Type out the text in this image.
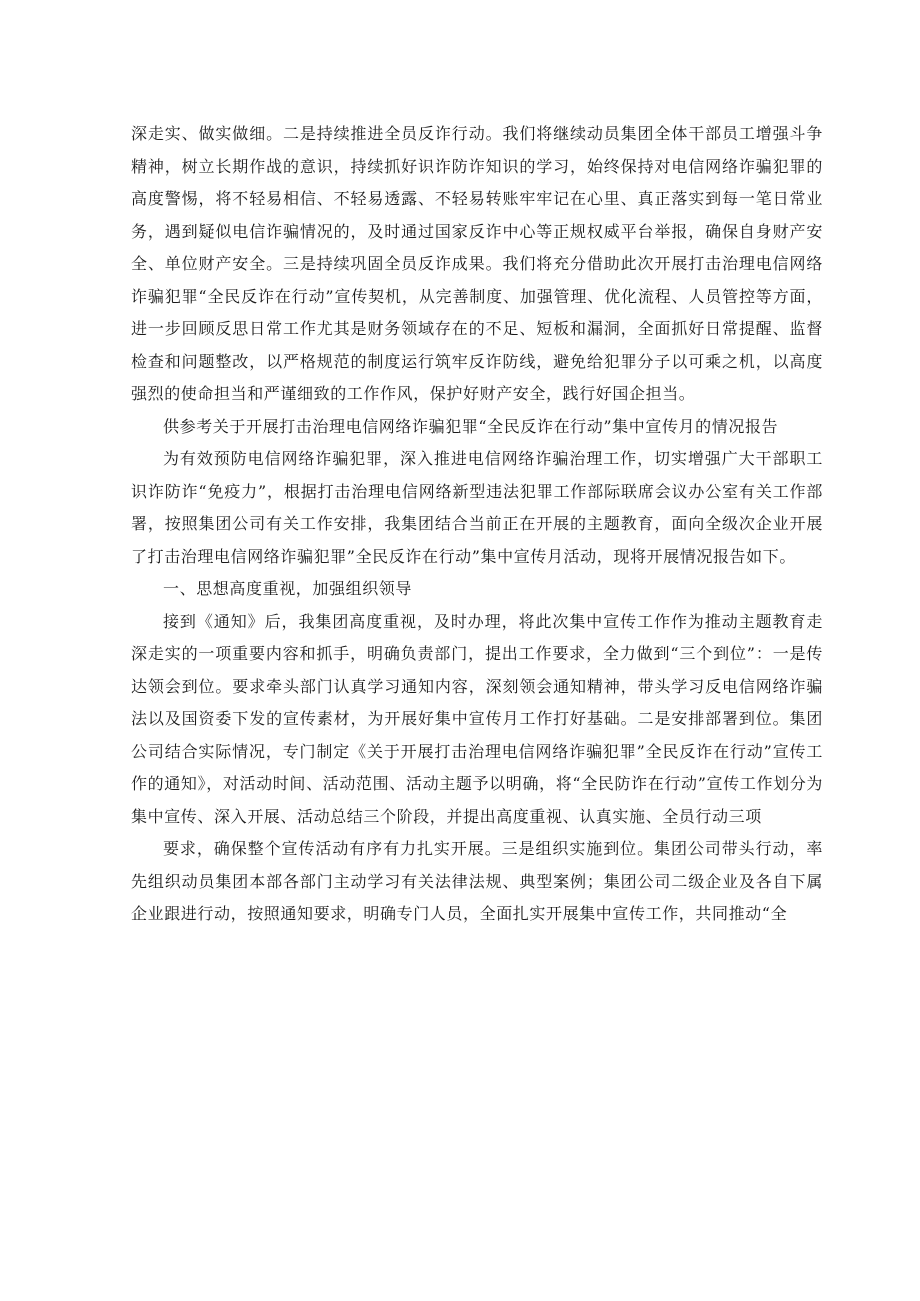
深走实、做实做细。二是持续推进全员反诈行动。我们将继续动员集团全体干部员工增强斗争精神，树立长期作战的意识，持续抓好识诈防诈知识的学习，始终保持对电信网络诈骗犯罪的高度警惕，将不轻易相信、不轻易透露、不轻易转账牢牢记在心里、真正落实到每一笔日常业务，遇到疑似电信诈骗情况的，及时通过国家反诈中心等正规权威平台举报，确保自身财产安全、单位财产安全。三是持续巩固全员反诈成果。我们将充分借助此次开展打击治理电信网络诈骗犯罪“全民反诈在行动”宣传契机，从完善制度、加强管理、优化流程、人员管控等方面，进一步回顾反思日常工作尤其是财务领域存在的不足、短板和漏洞，全面抓好日常提醒、监督检查和问题整改，以严格规范的制度运行筑牢反诈防线，避免给犯罪分子以可乘之机，以高度强烈的使命担当和严谨细致的工作作风，保护好财产安全，践行好国企担当。

供参考关于开展打击治理电信网络诈骗犯罪“全民反诈在行动”集中宣传月的情况报告

为有效预防电信网络诈骗犯罪，深入推进电信网络诈骗治理工作，切实增强广大干部职工识诈防诈“免疫力”，根据打击治理电信网络新型违法犯罪工作部际联席会议办公室有关工作部署，按照集团公司有关工作安排，我集团结合当前正在开展的主题教育，面向全级次企业开展了打击治理电信网络诈骗犯罪”全民反诈在行动”集中宣传月活动，现将开展情况报告如下。

一、思想高度重视，加强组织领导

接到《通知》后，我集团高度重视，及时办理，将此次集中宣传工作作为推动主题教育走深走实的一项重要内容和抓手，明确负责部门，提出工作要求，全力做到“三个到位”：一是传达领会到位。要求牵头部门认真学习通知内容，深刻领会通知精神，带头学习反电信网络诈骗法以及国资委下发的宣传素材，为开展好集中宣传月工作打好基础。二是安排部署到位。集团公司结合实际情况，专门制定《关于开展打击治理电信网络诈骗犯罪”全民反诈在行动”宣传工作的通知》，对活动时间、活动范围、活动主题予以明确，将“全民防诈在行动”宣传工作划分为集中宣传、深入开展、活动总结三个阶段，并提出高度重视、认真实施、全员行动三项

要求，确保整个宣传活动有序有力扎实开展。三是组织实施到位。集团公司带头行动，率先组织动员集团本部各部门主动学习有关法律法规、典型案例；集团公司二级企业及各自下属企业跟进行动，按照通知要求，明确专门人员，全面扎实开展集中宣传工作，共同推动“全
